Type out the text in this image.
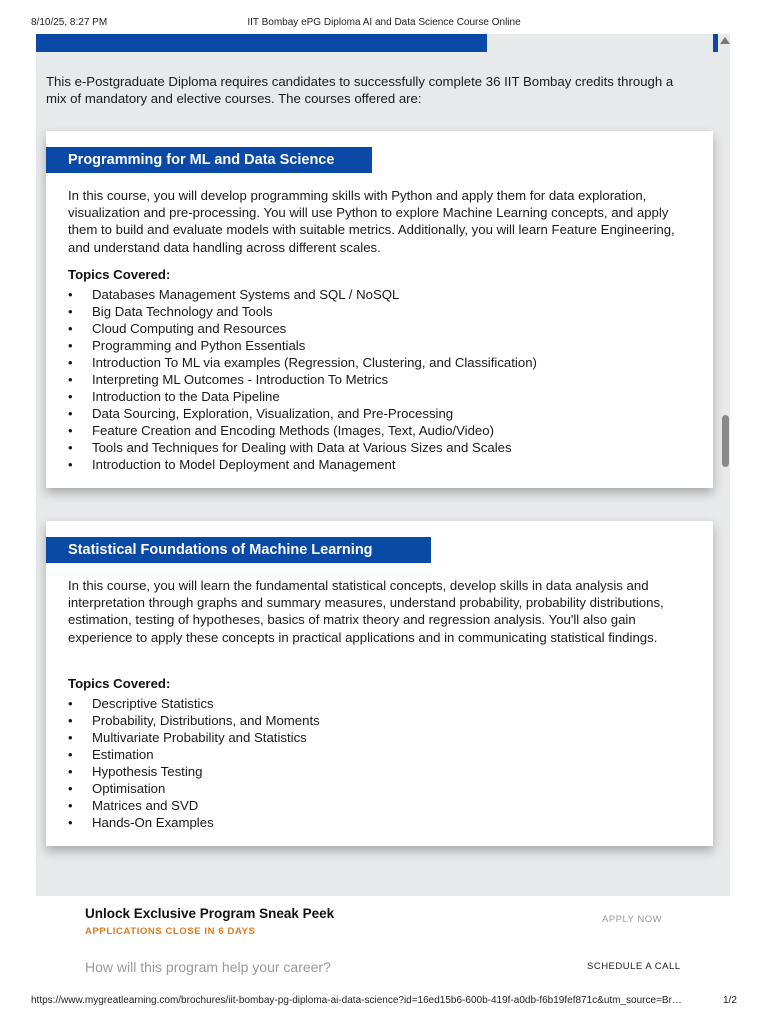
8/10/25, 8:27 PM	IIT Bombay ePG Diploma AI and Data Science Course Online

This e-Postgraduate Diploma requires candidates to successfully complete 36 IIT Bombay credits through a mix of mandatory and elective courses. The courses offered are:

Programming for ML and Data Science

In this course, you will develop programming skills with Python and apply them for data exploration, visualization and pre-processing. You will use Python to explore Machine Learning concepts, and apply them to build and evaluate models with suitable metrics. Additionally, you will learn Feature Engineering, and understand data handling across different scales.

Topics Covered:
• Databases Management Systems and SQL / NoSQL
• Big Data Technology and Tools
• Cloud Computing and Resources
• Programming and Python Essentials
• Introduction To ML via examples (Regression, Clustering, and Classification)
• Interpreting ML Outcomes - Introduction To Metrics
• Introduction to the Data Pipeline
• Data Sourcing, Exploration, Visualization, and Pre-Processing
• Feature Creation and Encoding Methods (Images, Text, Audio/Video)
• Tools and Techniques for Dealing with Data at Various Sizes and Scales
• Introduction to Model Deployment and Management
Statistical Foundations of Machine Learning

In this course, you will learn the fundamental statistical concepts, develop skills in data analysis and interpretation through graphs and summary measures, understand probability, probability distributions, estimation, testing of hypotheses, basics of matrix theory and regression analysis. You'll also gain experience to apply these concepts in practical applications and in communicating statistical findings.

Topics Covered:
• Descriptive Statistics
• Probability, Distributions, and Moments
• Multivariate Probability and Statistics
• Estimation
• Hypothesis Testing
• Optimisation
• Matrices and SVD
• Hands-On Examples
Unlock Exclusive Program Sneak Peek
APPLICATIONS CLOSE IN 6 DAYS
APPLY NOW
How will this program help your career?	SCHEDULE A CALL
https://www.mygreatlearning.com/brochures/iit-bombay-pg-diploma-ai-data-science?id=16ed15b6-600b-419f-a0db-f6b19fef871c&utm_source=Br…	1/2
